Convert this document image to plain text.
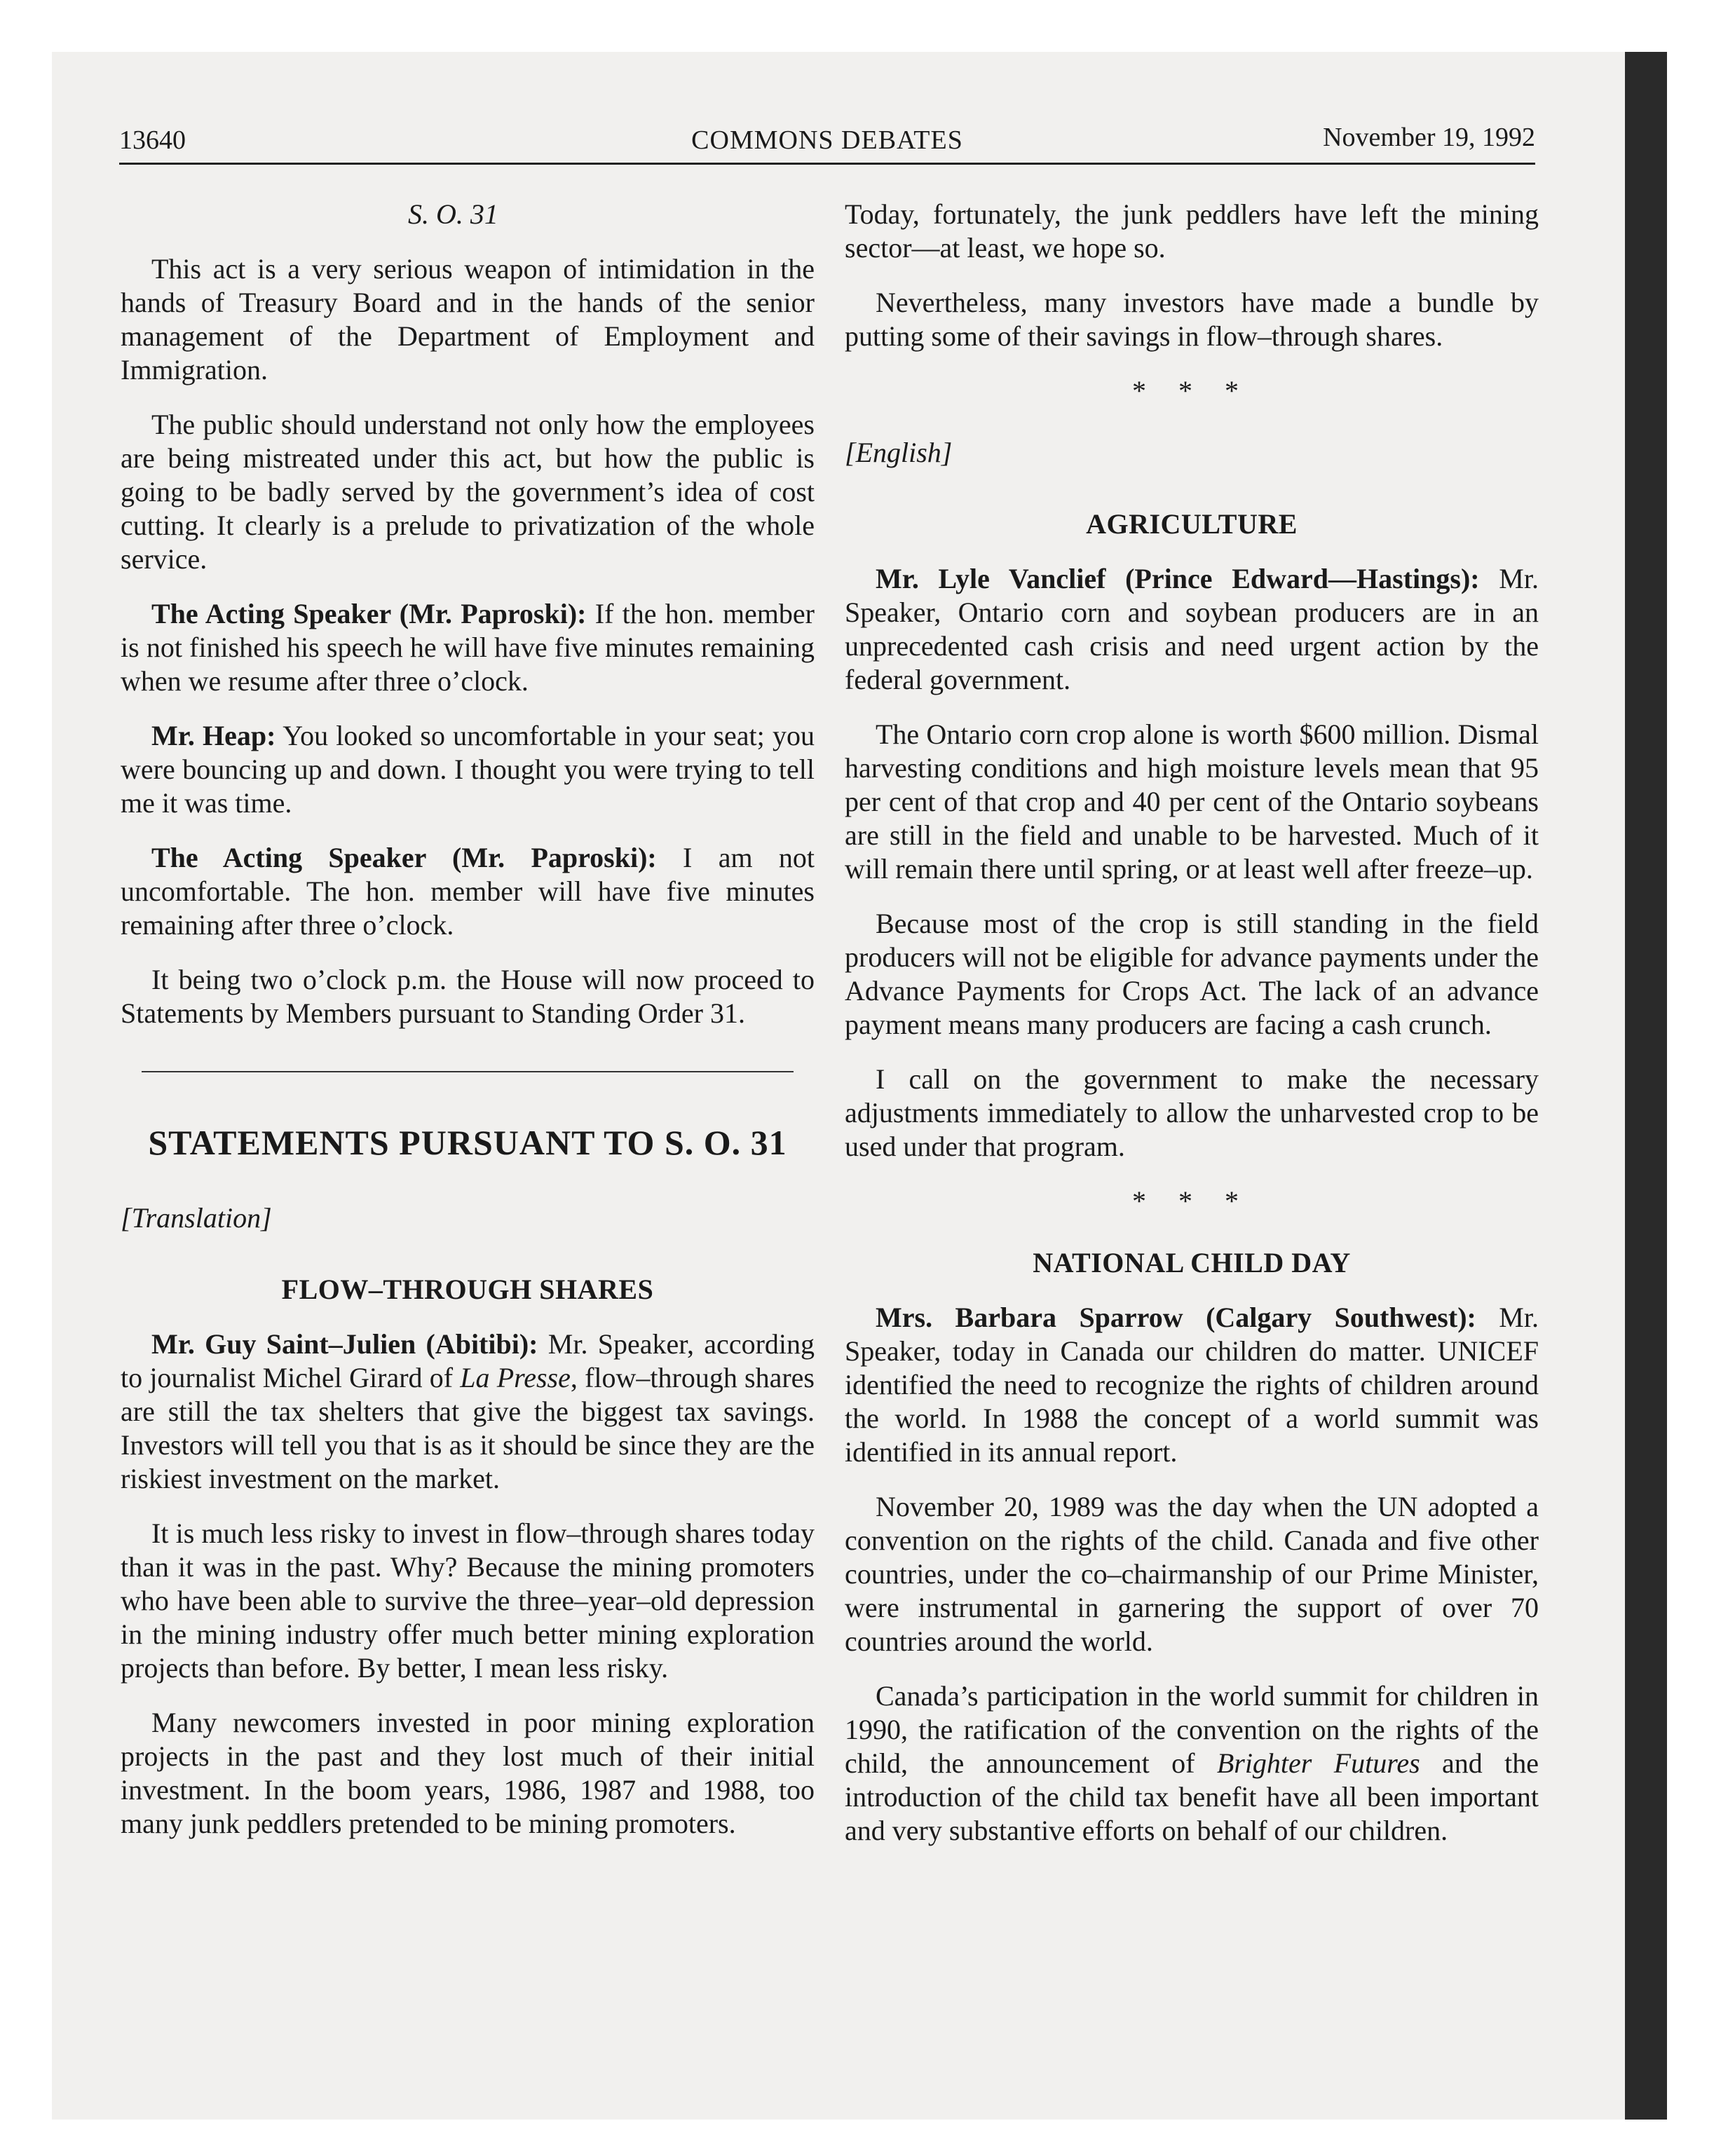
13640	COMMONS DEBATES	November 19, 1992
S. O. 31

This act is a very serious weapon of intimidation in the hands of Treasury Board and in the hands of the senior management of the Department of Employment and Immigration.

The public should understand not only how the employees are being mistreated under this act, but how the public is going to be badly served by the government’s idea of cost cutting. It clearly is a prelude to privatization of the whole service.

The Acting Speaker (Mr. Paproski): If the hon. member is not finished his speech he will have five minutes remaining when we resume after three o’clock.

Mr. Heap: You looked so uncomfortable in your seat; you were bouncing up and down. I thought you were trying to tell me it was time.

The Acting Speaker (Mr. Paproski): I am not uncomfortable. The hon. member will have five minutes remaining after three o’clock.

It being two o’clock p.m. the House will now proceed to Statements by Members pursuant to Standing Order 31.

STATEMENTS PURSUANT TO S. O. 31
[Translation]
FLOW–THROUGH SHARES

Mr. Guy Saint–Julien (Abitibi): Mr. Speaker, according to journalist Michel Girard of La Presse, flow–through shares are still the tax shelters that give the biggest tax savings. Investors will tell you that is as it should be since they are the riskiest investment on the market.

It is much less risky to invest in flow–through shares today than it was in the past. Why? Because the mining promoters who have been able to survive the three–year–old depression in the mining industry offer much better mining exploration projects than before. By better, I mean less risky.

Many newcomers invested in poor mining exploration projects in the past and they lost much of their initial investment. In the boom years, 1986, 1987 and 1988, too many junk peddlers pretended to be mining promoters.

Today, fortunately, the junk peddlers have left the mining sector—at least, we hope so.

Nevertheless, many investors have made a bundle by putting some of their savings in flow–through shares.

* * *
[English]
AGRICULTURE

Mr. Lyle Vanclief (Prince Edward—Hastings): Mr. Speaker, Ontario corn and soybean producers are in an unprecedented cash crisis and need urgent action by the federal government.

The Ontario corn crop alone is worth $600 million. Dismal harvesting conditions and high moisture levels mean that 95 per cent of that crop and 40 per cent of the Ontario soybeans are still in the field and unable to be harvested. Much of it will remain there until spring, or at least well after freeze–up.

Because most of the crop is still standing in the field producers will not be eligible for advance payments under the Advance Payments for Crops Act. The lack of an advance payment means many producers are facing a cash crunch.

I call on the government to make the necessary adjustments immediately to allow the unharvested crop to be used under that program.

* * *
NATIONAL CHILD DAY

Mrs. Barbara Sparrow (Calgary Southwest): Mr. Speaker, today in Canada our children do matter. UNICEF identified the need to recognize the rights of children around the world. In 1988 the concept of a world summit was identified in its annual report.

November 20, 1989 was the day when the UN adopted a convention on the rights of the child. Canada and five other countries, under the co–chairmanship of our Prime Minister, were instrumental in garnering the support of over 70 countries around the world.

Canada’s participation in the world summit for children in 1990, the ratification of the convention on the rights of the child, the announcement of Brighter Futures and the introduction of the child tax benefit have all been important and very substantive efforts on behalf of our children.
